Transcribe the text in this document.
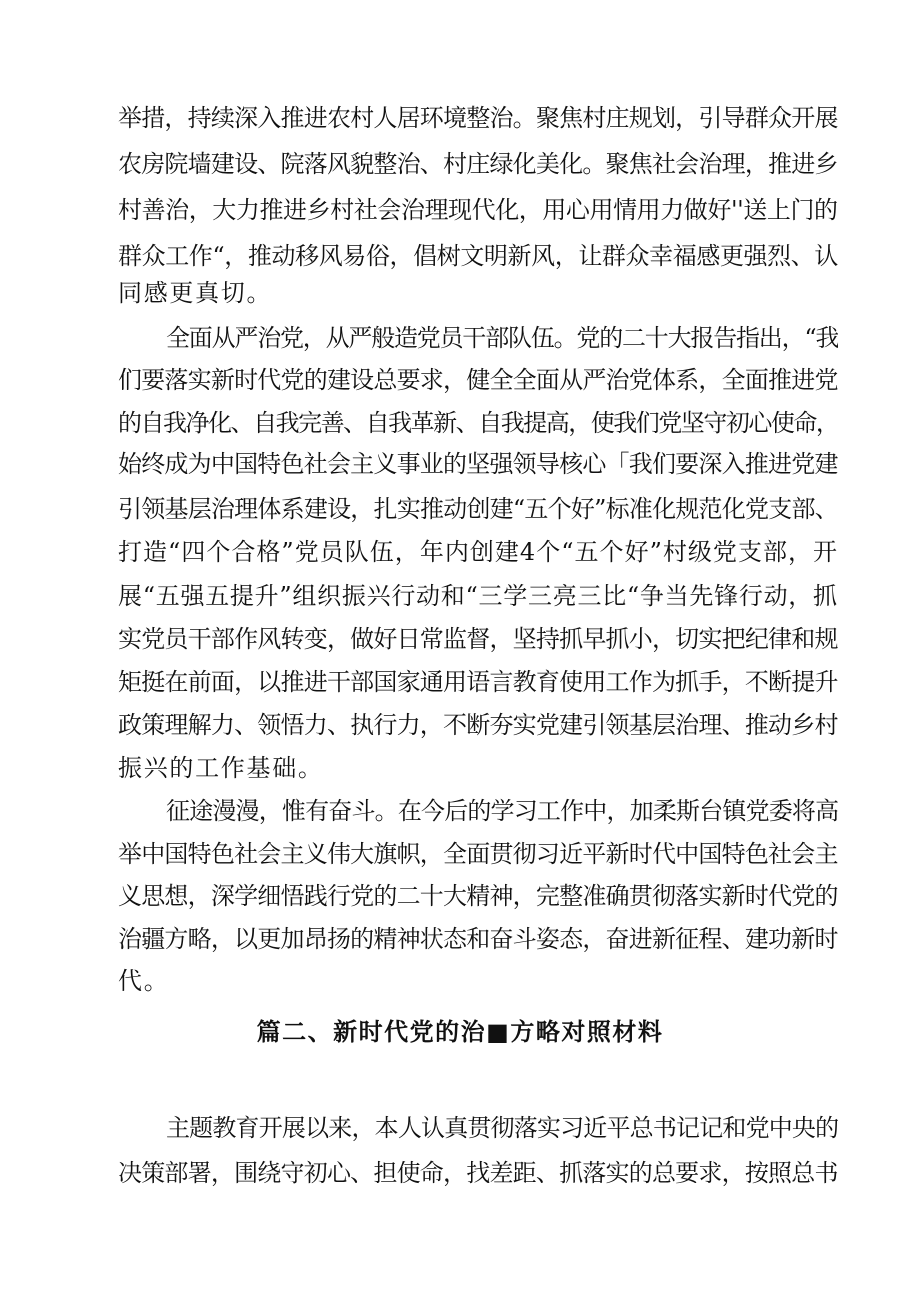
举措，持续深入推进农村人居环境整治。聚焦村庄规划，引导群众开展
农房院墙建设、院落风貌整治、村庄绿化美化。聚焦社会治理，推进乡
村善治，大力推进乡村社会治理现代化，用心用情用力做好''送上门的
群众工作“，推动移风易俗，倡树文明新风，让群众幸福感更强烈、认
同感更真切。
全面从严治党，从严般造党员干部队伍。党的二十大报告指出，“我
们要落实新时代党的建设总要求，健全全面从严治党体系，全面推进党
的自我净化、自我完善、自我革新、自我提高，使我们党坚守初心使命，
始终成为中国特色社会主义事业的坚强领导核心「我们要深入推进党建
引领基层治理体系建设，扎实推动创建“五个好”标准化规范化党支部、
打造“四个合格”党员队伍，年内创建4个“五个好”村级党支部，开
展“五强五提升”组织振兴行动和“三学三亮三比“争当先锋行动，抓
实党员干部作风转变，做好日常监督，坚持抓早抓小，切实把纪律和规
矩挺在前面，以推进干部国家通用语言教育使用工作为抓手，不断提升
政策理解力、领悟力、执行力，不断夯实党建引领基层治理、推动乡村
振兴的工作基础。
征途漫漫，惟有奋斗。在今后的学习工作中，加柔斯台镇党委将高
举中国特色社会主义伟大旗帜，全面贯彻习近平新时代中国特色社会主
义思想，深学细悟践行党的二十大精神，完整准确贯彻落实新时代党的
治疆方略，以更加昂扬的精神状态和奋斗姿态，奋进新征程、建功新时
代。
篇二、新时代党的治■方略对照材料
主题教育开展以来，本人认真贯彻落实习近平总书记记和党中央的
决策部署，围绕守初心、担使命，找差距、抓落实的总要求，按照总书
